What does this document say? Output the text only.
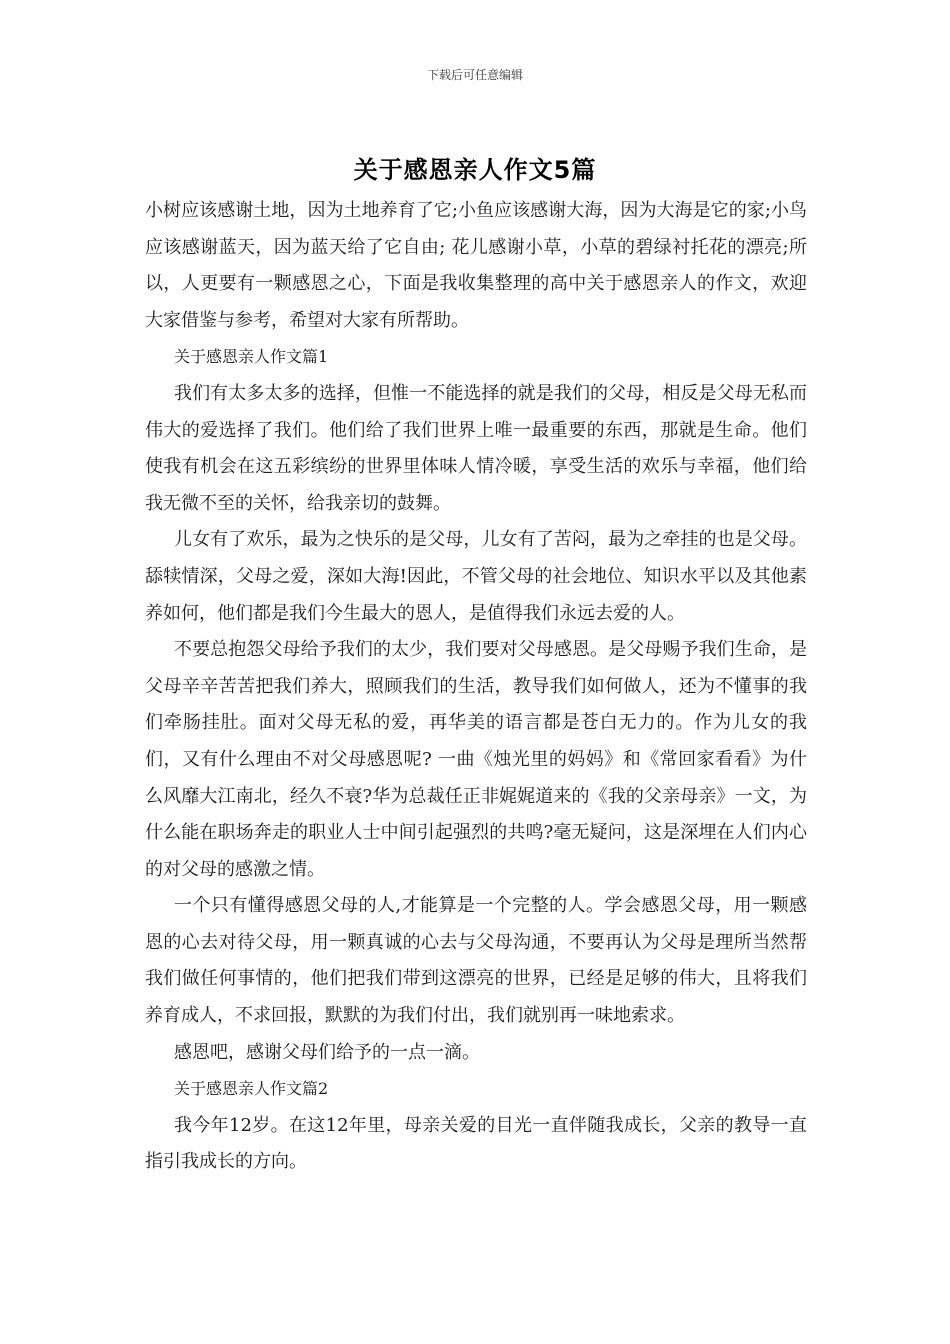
下载后可任意编辑
关于感恩亲人作文5篇

小树应该感谢土地，因为土地养育了它;小鱼应该感谢大海，因为大海是它的家;小鸟应该感谢蓝天，因为蓝天给了它自由; 花儿感谢小草，小草的碧绿衬托花的漂亮;所以，人更要有一颗感恩之心，下面是我收集整理的高中关于感恩亲人的作文，欢迎大家借鉴与参考，希望对大家有所帮助。

关于感恩亲人作文篇1

我们有太多太多的选择，但惟一不能选择的就是我们的父母，相反是父母无私而伟大的爱选择了我们。他们给了我们世界上唯一最重要的东西，那就是生命。他们使我有机会在这五彩缤纷的世界里体味人情冷暖，享受生活的欢乐与幸福，他们给我无微不至的关怀，给我亲切的鼓舞。

儿女有了欢乐，最为之快乐的是父母，儿女有了苦闷，最为之牵挂的也是父母。舔犊情深，父母之爱，深如大海!因此，不管父母的社会地位、知识水平以及其他素养如何，他们都是我们今生最大的恩人，是值得我们永远去爱的人。

不要总抱怨父母给予我们的太少，我们要对父母感恩。是父母赐予我们生命，是父母辛辛苦苦把我们养大，照顾我们的生活，教导我们如何做人，还为不懂事的我们牵肠挂肚。面对父母无私的爱，再华美的语言都是苍白无力的。作为儿女的我们，又有什么理由不对父母感恩呢? 一曲《烛光里的妈妈》和《常回家看看》为什么风靡大江南北，经久不衰?华为总裁任正非娓娓道来的《我的父亲母亲》一文，为什么能在职场奔走的职业人士中间引起强烈的共鸣?毫无疑问，这是深埋在人们内心的对父母的感激之情。

一个只有懂得感恩父母的人,才能算是一个完整的人。学会感恩父母，用一颗感恩的心去对待父母，用一颗真诚的心去与父母沟通，不要再认为父母是理所当然帮我们做任何事情的，他们把我们带到这漂亮的世界，已经是足够的伟大，且将我们养育成人，不求回报，默默的为我们付出，我们就别再一味地索求。

感恩吧，感谢父母们给予的一点一滴。

关于感恩亲人作文篇2

我今年12岁。在这12年里，母亲关爱的目光一直伴随我成长，父亲的教导一直指引我成长的方向。
